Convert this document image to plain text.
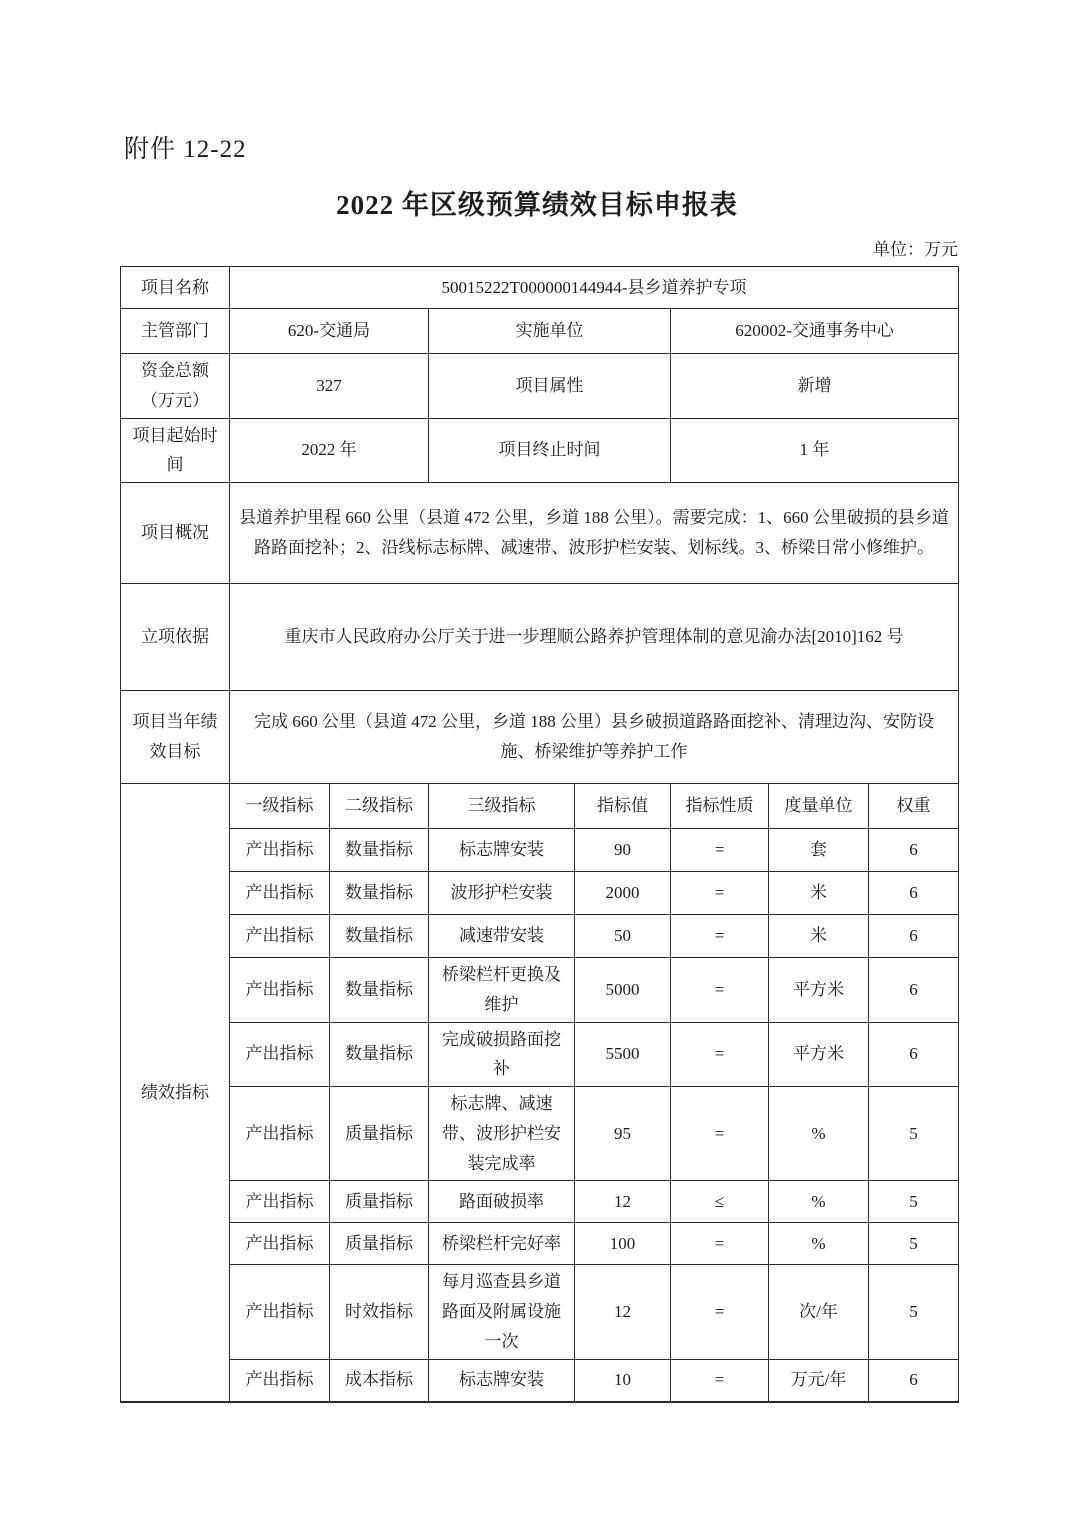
附件 12-22
2022 年区级预算绩效目标申报表
单位：万元
项目名称	50015222T000000144944-县乡道养护专项						
主管部门	620-交通局		实施单位		620002-交通事务中心		
资金总额（万元）	327		项目属性		新增		
项目起始时间	2022 年		项目终止时间		1 年		
项目概况	县道养护里程 660 公里（县道 472 公里，乡道 188 公里）。需要完成：1、660 公里破损的县乡道路路面挖补；2、沿线标志标牌、减速带、波形护栏安装、划标线。3、桥梁日常小修维护。						
立项依据	重庆市人民政府办公厅关于进一步理顺公路养护管理体制的意见渝办法[2010]162 号						
项目当年绩效目标	完成 660 公里（县道 472 公里，乡道 188 公里）县乡破损道路路面挖补、清理边沟、安防设施、桥梁维护等养护工作						
绩效指标	一级指标	二级指标	三级指标	指标值	指标性质	度量单位	权重
	产出指标	数量指标	标志牌安装	90	=	套	6
	产出指标	数量指标	波形护栏安装	2000	=	米	6
	产出指标	数量指标	减速带安装	50	=	米	6
	产出指标	数量指标	桥梁栏杆更换及维护	5000	=	平方米	6
	产出指标	数量指标	完成破损路面挖补	5500	=	平方米	6
	产出指标	质量指标	标志牌、减速带、波形护栏安装完成率	95	=	%	5
	产出指标	质量指标	路面破损率	12	≤	%	5
	产出指标	质量指标	桥梁栏杆完好率	100	=	%	5
	产出指标	时效指标	每月巡查县乡道路面及附属设施一次	12	=	次/年	5
	产出指标	成本指标	标志牌安装	10	=	万元/年	6
